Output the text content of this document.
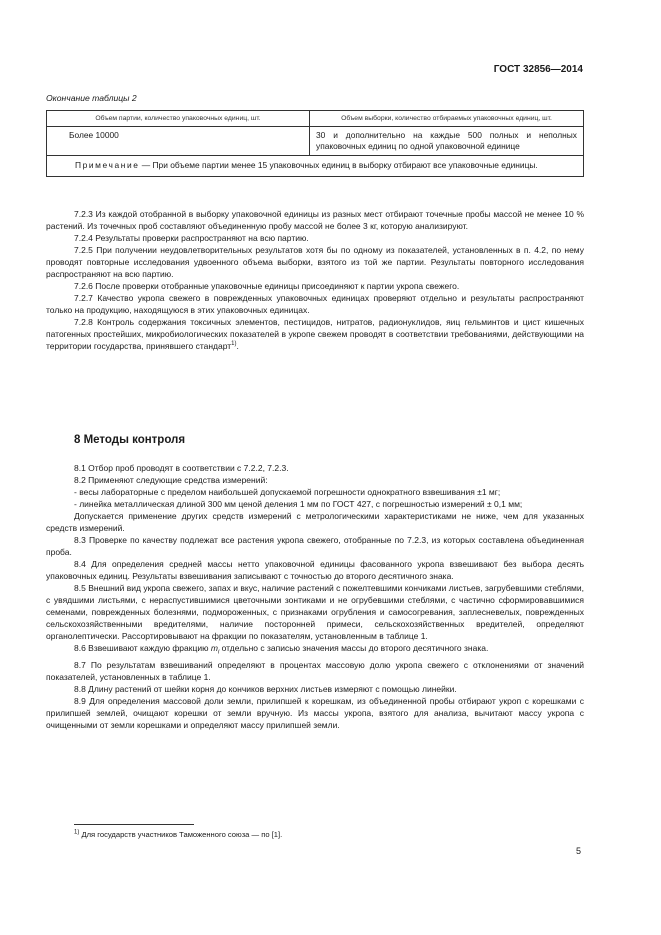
ГОСТ 32856—2014
Окончание таблицы 2
Объем партии, количество упаковочных единиц, шт.	Объем выборки, количество отбираемых упаковочных единиц, шт.
Более 10000	30 и дополнительно на каждые 500 полных и неполных упаковочных единиц по одной упаковочной единице
Примечание — При объеме партии менее 15 упаковочных единиц в выборку отбирают все упаковочные единицы.	

7.2.3 Из каждой отобранной в выборку упаковочной единицы из разных мест отбирают точечные пробы массой не менее 10 % растений. Из точечных проб составляют объединенную пробу массой не более 3 кг, которую анализируют.

7.2.4 Результаты проверки распространяют на всю партию.

7.2.5 При получении неудовлетворительных результатов хотя бы по одному из показателей, установленных в п. 4.2, по нему проводят повторные исследования удвоенного объема выборки, взятого из той же партии. Результаты повторного исследования распространяют на всю партию.

7.2.6 После проверки отобранные упаковочные единицы присоединяют к партии укропа свежего.

7.2.7 Качество укропа свежего в поврежденных упаковочных единицах проверяют отдельно и результаты распространяют только на продукцию, находящуюся в этих упаковочных единицах.

7.2.8 Контроль содержания токсичных элементов, пестицидов, нитратов, радионуклидов, яиц гельминтов и цист кишечных патогенных простейших, микробиологических показателей в укропе свежем проводят в соответствии требованиями, действующими на территории государства, принявшего стандарт$^{1)}$.

8 Методы контроля

8.1 Отбор проб проводят в соответствии с 7.2.2, 7.2.3.

8.2 Применяют следующие средства измерений:

- весы лабораторные с пределом наибольшей допускаемой погрешности однократного взвешивания ±1 мг;

- линейка металлическая длиной 300 мм ценой деления 1 мм по ГОСТ 427, с погрешностью измерений ± 0,1 мм;

Допускается применение других средств измерений с метрологическими характеристиками не ниже, чем для указанных средств измерений.

8.3 Проверке по качеству подлежат все растения укропа свежего, отобранные по 7.2.3, из которых составлена объединенная проба.

8.4 Для определения средней массы нетто упаковочной единицы фасованного укропа взвешивают без выбора десять упаковочных единиц. Результаты взвешивания записывают с точностью до второго десятичного знака.

8.5 Внешний вид укропа свежего, запах и вкус, наличие растений с пожелтевшими кончиками листьев, загрубевшими стеблями, с увядшими листьями, с нераспустившимися цветочными зонтиками и не огрубевшими стеблями, с частично сформировавшимися семенами, поврежденных болезнями, подмороженных, с признаками огрубления и самосогревания, заплесневелых, поврежденных сельскохозяйственными вредителями, наличие посторонней примеси, сельскохозяйственных вредителей, определяют органолептически. Рассортировывают на фракции по показателям, установленным в таблице 1.

8.6 Взвешивают каждую фракцию $m_i$ отдельно с записью значения массы до второго десятичного знака.

8.7 По результатам взвешиваний определяют в процентах массовую долю укропа свежего с отклонениями от значений показателей, установленных в таблице 1.

8.8 Длину растений от шейки корня до кончиков верхних листьев измеряют с помощью линейки.

8.9 Для определения массовой доли земли, прилипшей к корешкам, из объединенной пробы отбирают укроп с корешками с прилипшей землей, очищают корешки от земли вручную. Из массы укропа, взятого для анализа, вычитают массу укропа с очищенными от земли корешками и определяют массу прилипшей земли.

$^{1)}$ Для государств участников Таможенного союза — по [1].
5
